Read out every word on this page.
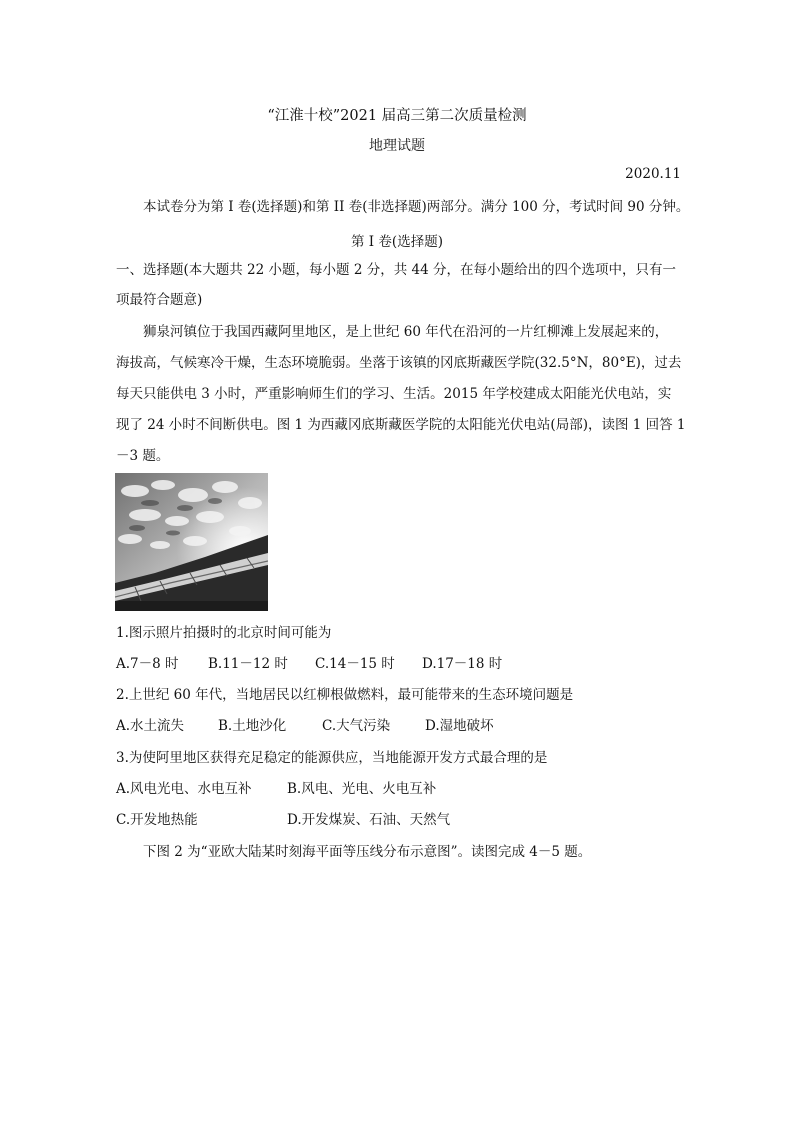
“江淮十校”2021 届高三第二次质量检测
地理试题
2020.11
本试卷分为第 I 卷(选择题)和第 II 卷(非选择题)两部分。满分 100 分，考试时间 90 分钟。
第 I 卷(选择题)
一、选择题(本大题共 22 小题，每小题 2 分，共 44 分，在每小题给出的四个选项中，只有一
项最符合题意)
狮泉河镇位于我国西藏阿里地区，是上世纪 60 年代在沿河的一片红柳滩上发展起来的，
海拔高，气候寒冷干燥，生态环境脆弱。坐落于该镇的冈底斯藏医学院(32.5°N，80°E)，过去
每天只能供电 3 小时，严重影响师生们的学习、生活。2015 年学校建成太阳能光伏电站，实
现了 24 小时不间断供电。图 1 为西藏冈底斯藏医学院的太阳能光伏电站(局部)，读图 1 回答 1
－3 题。
1.图示照片拍摄时的北京时间可能为
A.7－8 时 B.11－12 时 C.14－15 时 D.17－18 时
2.上世纪 60 年代，当地居民以红柳根做燃料，最可能带来的生态环境问题是
A.水土流失	B.土地沙化	C.大气污染	D.湿地破坏
3.为使阿里地区获得充足稳定的能源供应，当地能源开发方式最合理的是
A.风电光电、水电互补	B.风电、光电、火电互补
C.开发地热能	D.开发煤炭、石油、天然气
下图 2 为“亚欧大陆某时刻海平面等压线分布示意图”。读图完成 4－5 题。
